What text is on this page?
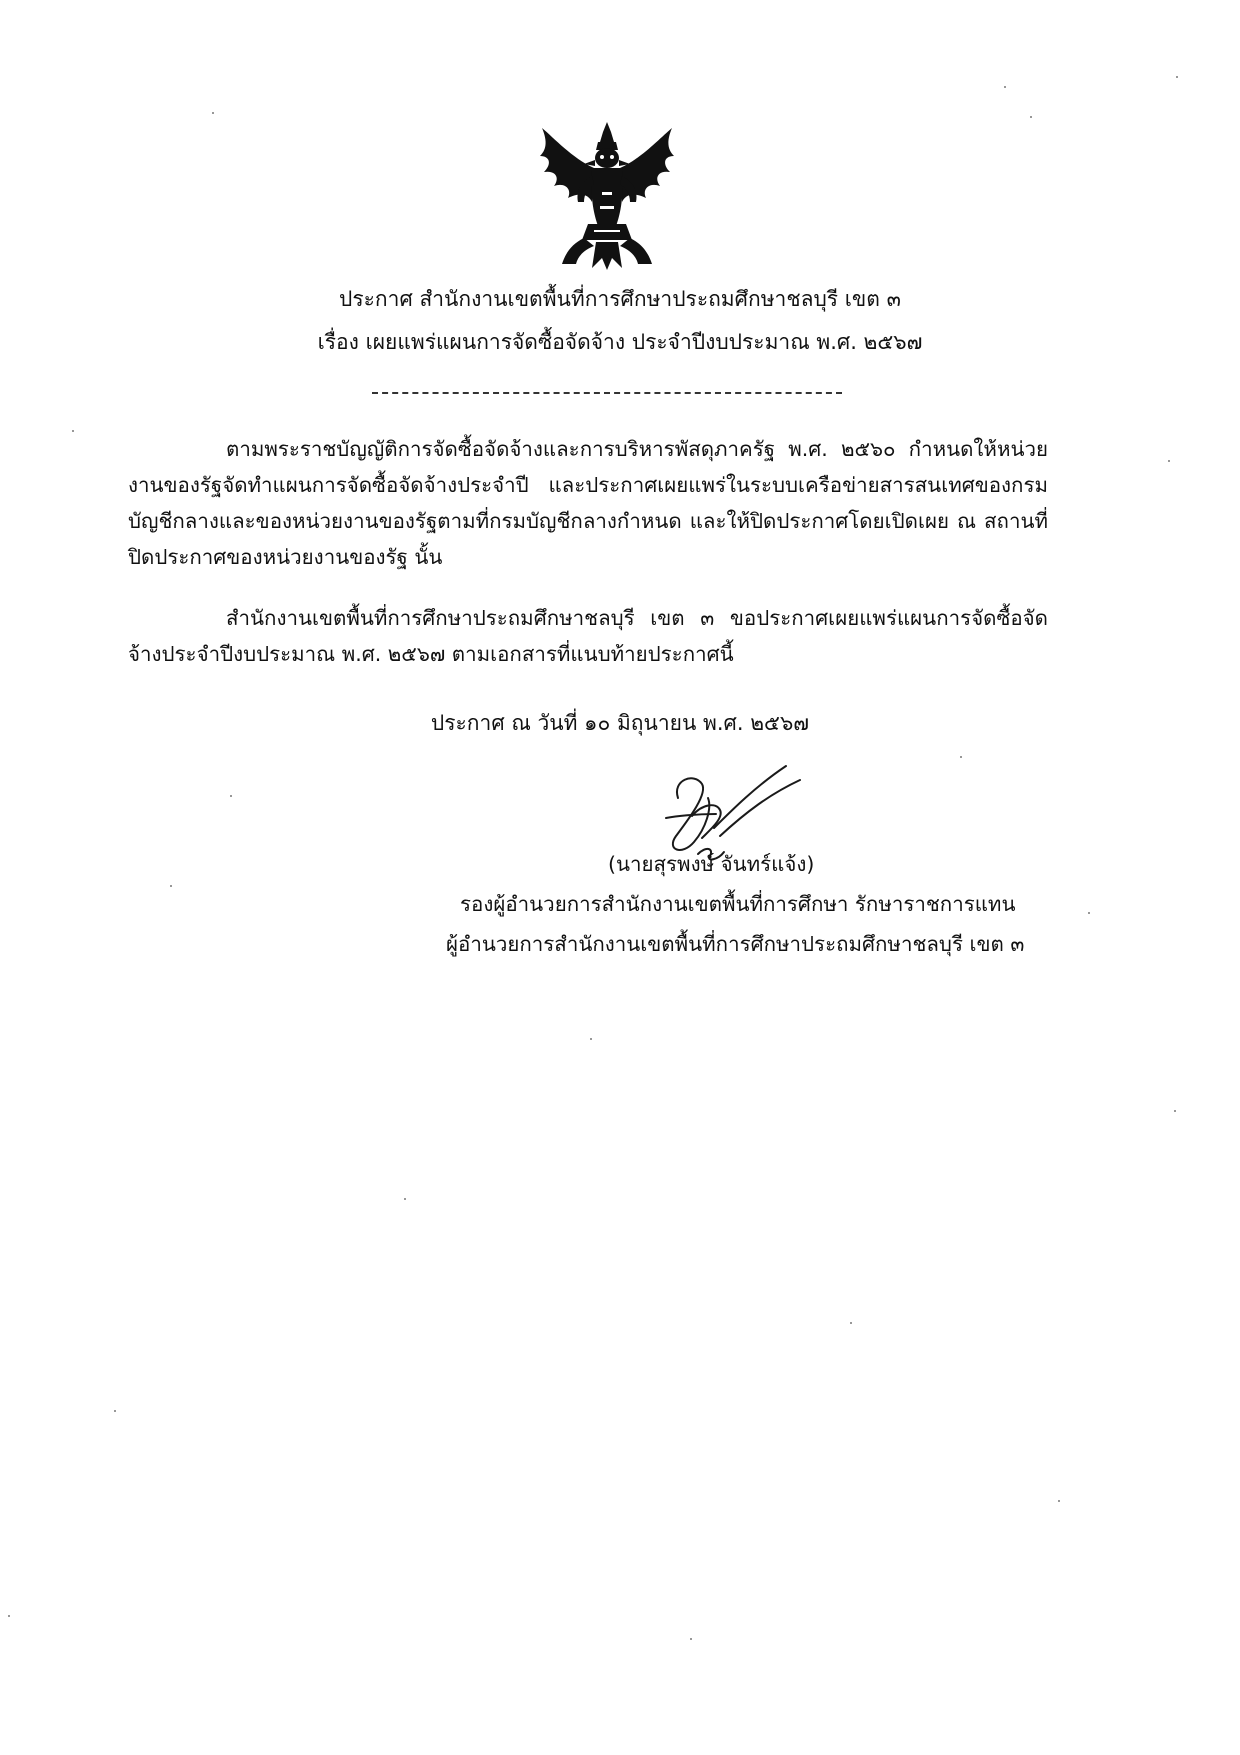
ประกาศ สำนักงานเขตพื้นที่การศึกษาประถมศึกษาชลบุรี เขต ๓
เรื่อง เผยแพร่แผนการจัดซื้อจัดจ้าง ประจำปีงบประมาณ พ.ศ. ๒๕๖๗

ตามพระราชบัญญัติการจัดซื้อจัดจ้างและการบริหารพัสดุภาครัฐ พ.ศ. ๒๕๖๐ กำหนดให้หน่วยงานของรัฐจัดทำแผนการจัดซื้อจัดจ้างประจำปี และประกาศเผยแพร่ในระบบเครือข่ายสารสนเทศของกรมบัญชีกลางและของหน่วยงานของรัฐตามที่กรมบัญชีกลางกำหนด และให้ปิดประกาศโดยเปิดเผย ณ สถานที่ปิดประกาศของหน่วยงานของรัฐ นั้น

สำนักงานเขตพื้นที่การศึกษาประถมศึกษาชลบุรี เขต ๓ ขอประกาศเผยแพร่แผนการจัดซื้อจัดจ้างประจำปีงบประมาณ พ.ศ. ๒๕๖๗ ตามเอกสารที่แนบท้ายประกาศนี้

ประกาศ ณ วันที่ ๑๐ มิถุนายน พ.ศ. ๒๕๖๗
(นายสุรพงษ์ จันทร์แจ้ง)
รองผู้อำนวยการสำนักงานเขตพื้นที่การศึกษา รักษาราชการแทน
ผู้อำนวยการสำนักงานเขตพื้นที่การศึกษาประถมศึกษาชลบุรี เขต ๓
